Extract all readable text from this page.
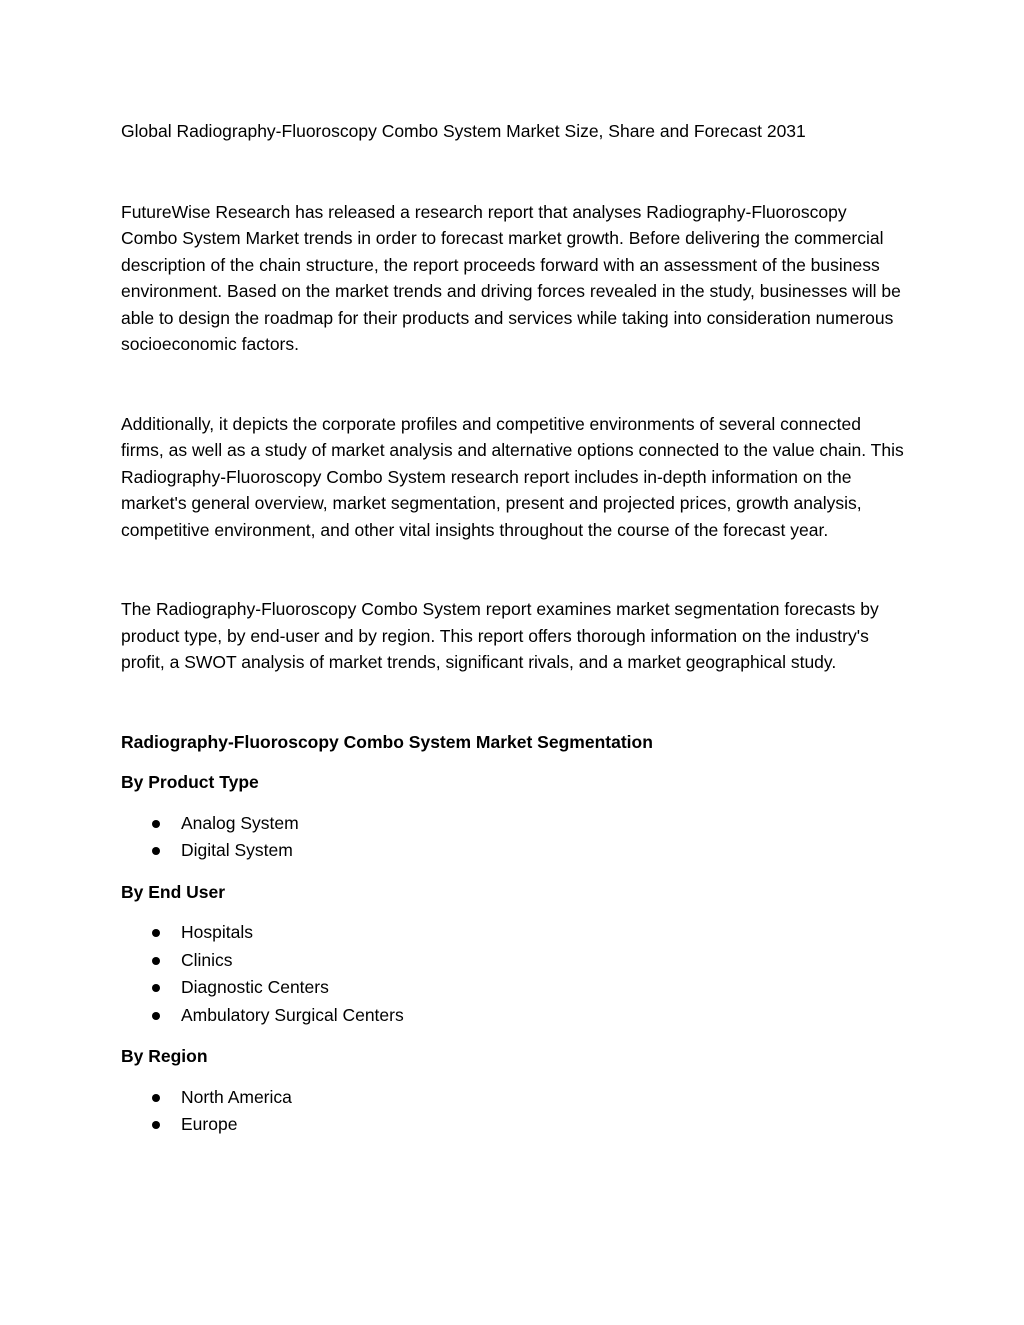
Global Radiography-Fluoroscopy Combo System Market Size, Share and Forecast 2031
FutureWise Research has released a research report that analyses Radiography-Fluoroscopy Combo System Market trends in order to forecast market growth. Before delivering the commercial description of the chain structure, the report proceeds forward with an assessment of the business environment. Based on the market trends and driving forces revealed in the study, businesses will be able to design the roadmap for their products and services while taking into consideration numerous socioeconomic factors.
Additionally, it depicts the corporate profiles and competitive environments of several connected firms, as well as a study of market analysis and alternative options connected to the value chain. This Radiography-Fluoroscopy Combo System research report includes in-depth information on the market's general overview, market segmentation, present and projected prices, growth analysis, competitive environment, and other vital insights throughout the course of the forecast year.
The Radiography-Fluoroscopy Combo System report examines market segmentation forecasts by product type, by end-user and by region. This report offers thorough information on the industry's profit, a SWOT analysis of market trends, significant rivals, and a market geographical study.
Radiography-Fluoroscopy Combo System Market Segmentation
By Product Type
Analog System
Digital System
By End User
Hospitals
Clinics
Diagnostic Centers
Ambulatory Surgical Centers
By Region
North America
Europe
